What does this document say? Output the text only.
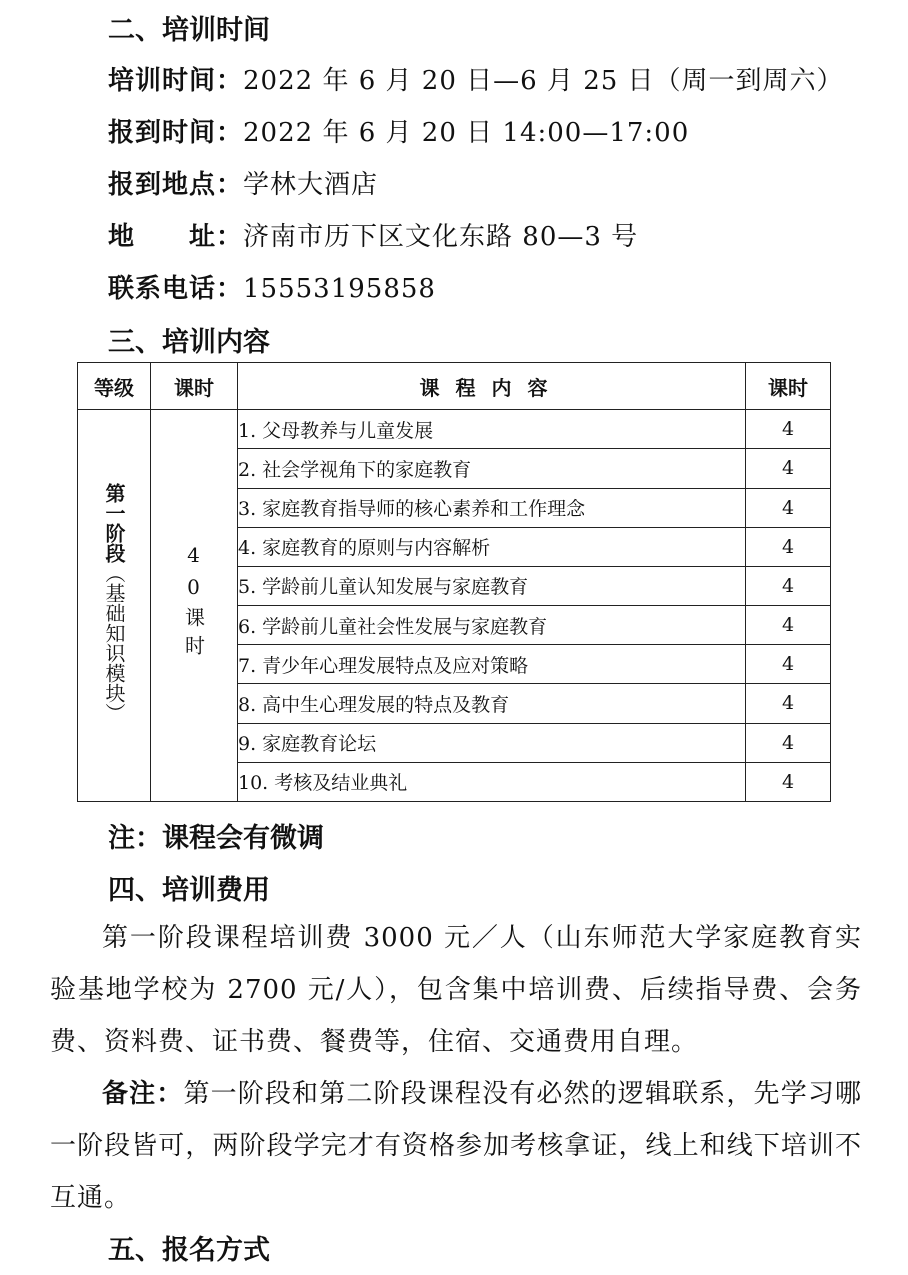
二、培训时间
培训时间：2022 年 6 月 20 日—6 月 25 日（周一到周六）
报到时间：2022 年 6 月 20 日 14:00—17:00
报到地点：学林大酒店
地　　址：济南市历下区文化东路 80—3 号
联系电话：15553195858
三、培训内容
等级	课时	课程内容	课时
第一阶段（基础知识模块）	40课时	1. 父母教养与儿童发展	4
		2. 社会学视角下的家庭教育	4
		3. 家庭教育指导师的核心素养和工作理念	4
		4. 家庭教育的原则与内容解析	4
		5. 学龄前儿童认知发展与家庭教育	4
		6. 学龄前儿童社会性发展与家庭教育	4
		7. 青少年心理发展特点及应对策略	4
		8. 高中生心理发展的特点及教育	4
		9. 家庭教育论坛	4
		10. 考核及结业典礼	4
注：课程会有微调
四、培训费用
第一阶段课程培训费 3000 元／人（山东师范大学家庭教育实验基地学校为 2700 元/人），包含集中培训费、后续指导费、会务费、资料费、证书费、餐费等，住宿、交通费用自理。
备注：第一阶段和第二阶段课程没有必然的逻辑联系，先学习哪一阶段皆可，两阶段学完才有资格参加考核拿证，线上和线下培训不互通。
五、报名方式
